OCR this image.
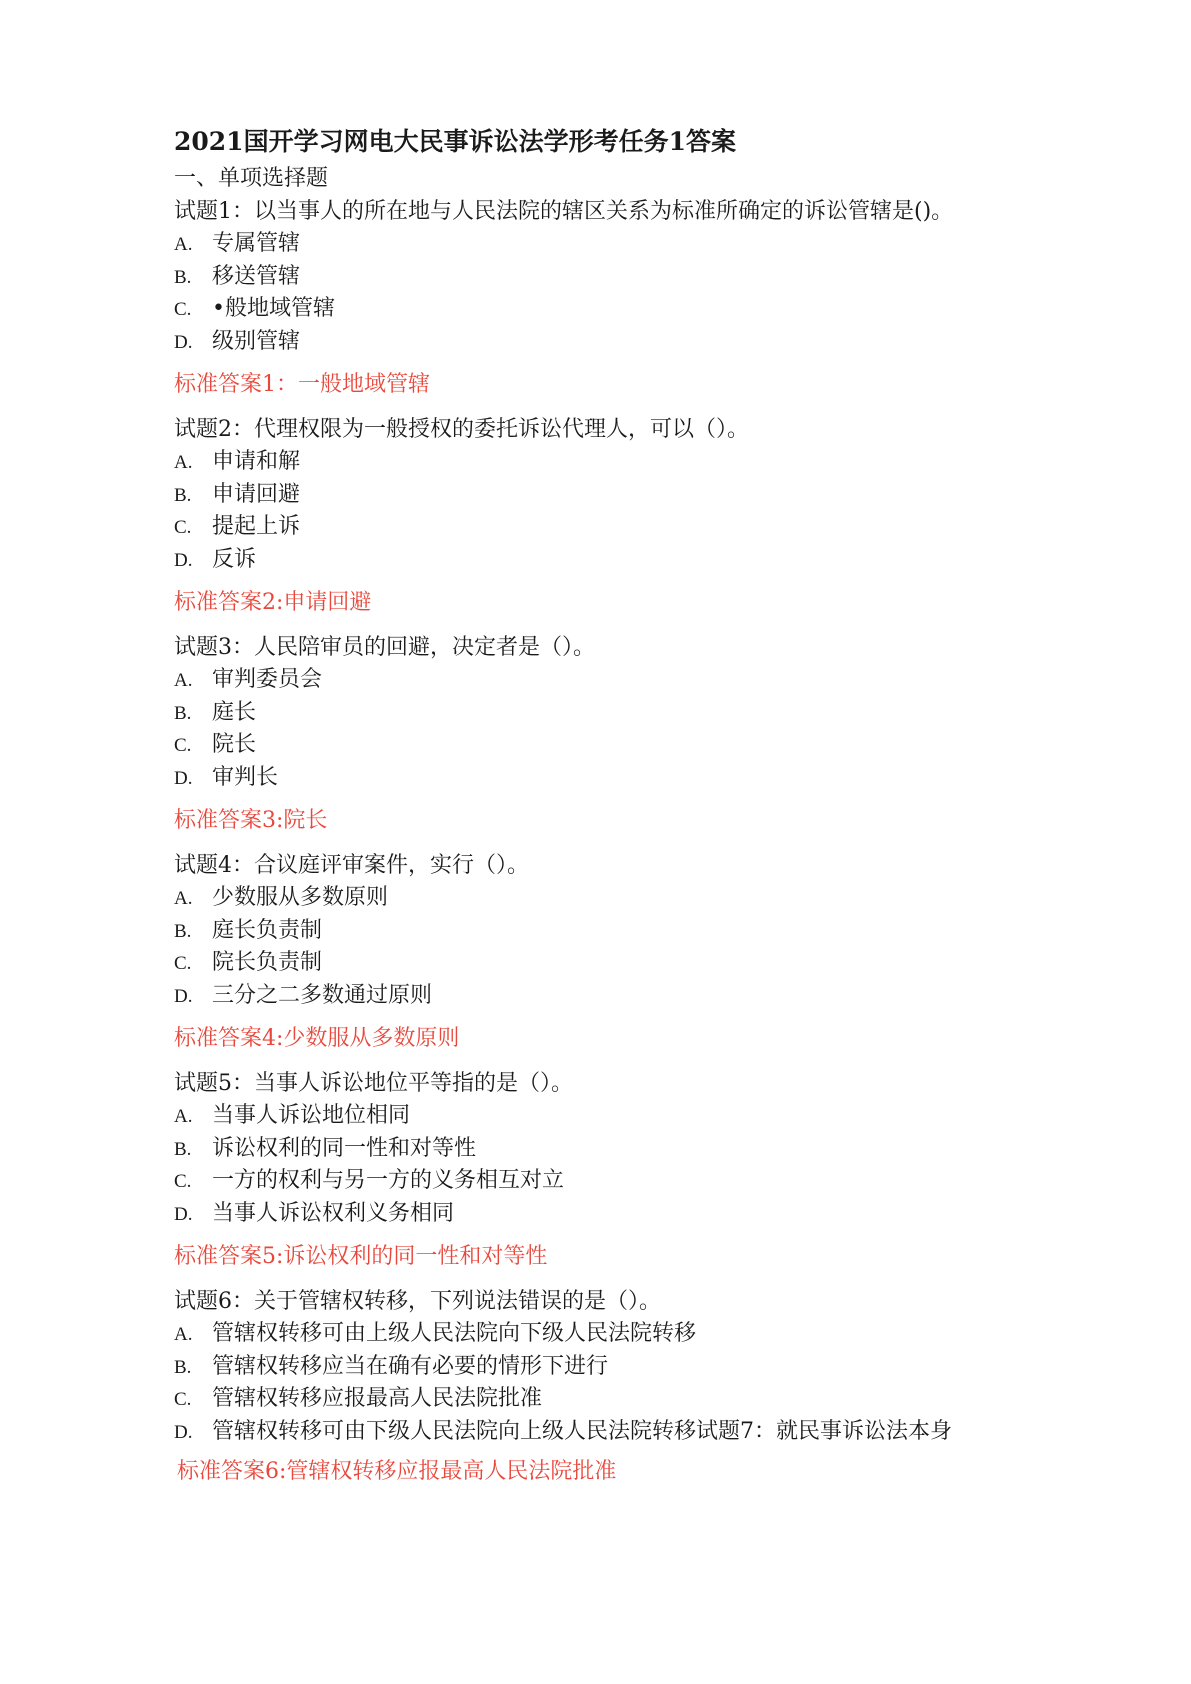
2021国开学习网电大民事诉讼法学形考任务1答案
一、单项选择题
试题1：以当事人的所在地与人民法院的辖区关系为标准所确定的诉讼管辖是()。
A. 专属管辖
B. 移送管辖
C. •般地域管辖
D. 级别管辖
标准答案1：一般地域管辖
试题2：代理权限为一般授权的委托诉讼代理人，可以（）。
A. 申请和解
B. 申请回避
C. 提起上诉
D. 反诉
标准答案2:申请回避
试题3：人民陪审员的回避，决定者是（）。
A. 审判委员会
B. 庭长
C. 院长
D. 审判长
标准答案3:院长
试题4：合议庭评审案件，实行（）。
A. 少数服从多数原则
B. 庭长负责制
C. 院长负责制
D. 三分之二多数通过原则
标准答案4:少数服从多数原则
试题5：当事人诉讼地位平等指的是（）。
A. 当事人诉讼地位相同
B. 诉讼权利的同一性和对等性
C. 一方的权利与另一方的义务相互对立
D. 当事人诉讼权利义务相同
标准答案5:诉讼权利的同一性和对等性
试题6：关于管辖权转移，下列说法错误的是（）。
A. 管辖权转移可由上级人民法院向下级人民法院转移
B. 管辖权转移应当在确有必要的情形下进行
C. 管辖权转移应报最高人民法院批准
D. 管辖权转移可由下级人民法院向上级人民法院转移试题7：就民事诉讼法本身
标准答案6:管辖权转移应报最高人民法院批准
